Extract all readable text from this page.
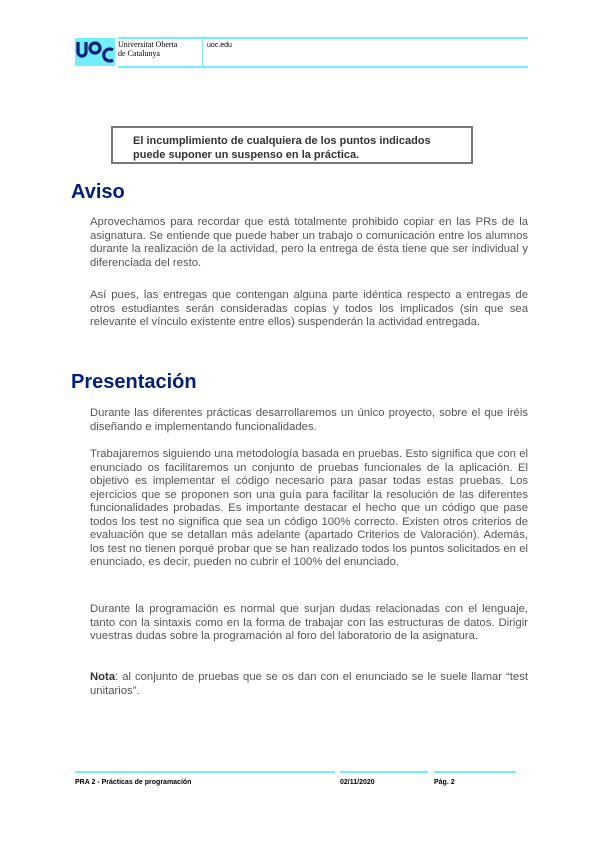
Universitat Oberta
de Catalunya
uoc.edu
El incumplimiento de cualquiera de los puntos indicados
puede suponer un suspenso en la práctica.
Aviso

Aprovechamos para recordar que está totalmente prohibido copiar en las PRs de la asignatura. Se entiende que puede haber un trabajo o comunicación entre los alumnos durante la realización de la actividad, pero la entrega de ésta tiene que ser individual y diferenciada del resto.

Así pues, las entregas que contengan alguna parte idéntica respecto a entregas de otros estudiantes serán consideradas copias y todos los implicados (sin que sea relevante el vínculo existente entre ellos) suspenderán la actividad entregada.

Presentación

Durante las diferentes prácticas desarrollaremos un único proyecto, sobre el que iréis diseñando e implementando funcionalidades.

Trabajaremos siguiendo una metodología basada en pruebas. Esto significa que con el enunciado os facilitaremos un conjunto de pruebas funcionales de la aplicación. El objetivo es implementar el código necesario para pasar todas estas pruebas. Los ejercicios que se proponen son una guía para facilitar la resolución de las diferentes funcionalidades probadas. Es importante destacar el hecho que un código que pase todos los test no significa que sea un código 100% correcto. Existen otros criterios de evaluación que se detallan más adelante (apartado Criterios de Valoración). Además, los test no tienen porqué probar que se han realizado todos los puntos solicitados en el enunciado, es decir, pueden no cubrir el 100% del enunciado.

Durante la programación es normal que surjan dudas relacionadas con el lenguaje, tanto con la sintaxis como en la forma de trabajar con las estructuras de datos. Dirigir vuestras dudas sobre la programación al foro del laboratorio de la asignatura.

Nota: al conjunto de pruebas que se os dan con el enunciado se le suele llamar “test unitarios”.

PRA 2 - Prácticas de programación	02/11/2020	Pág. 2
